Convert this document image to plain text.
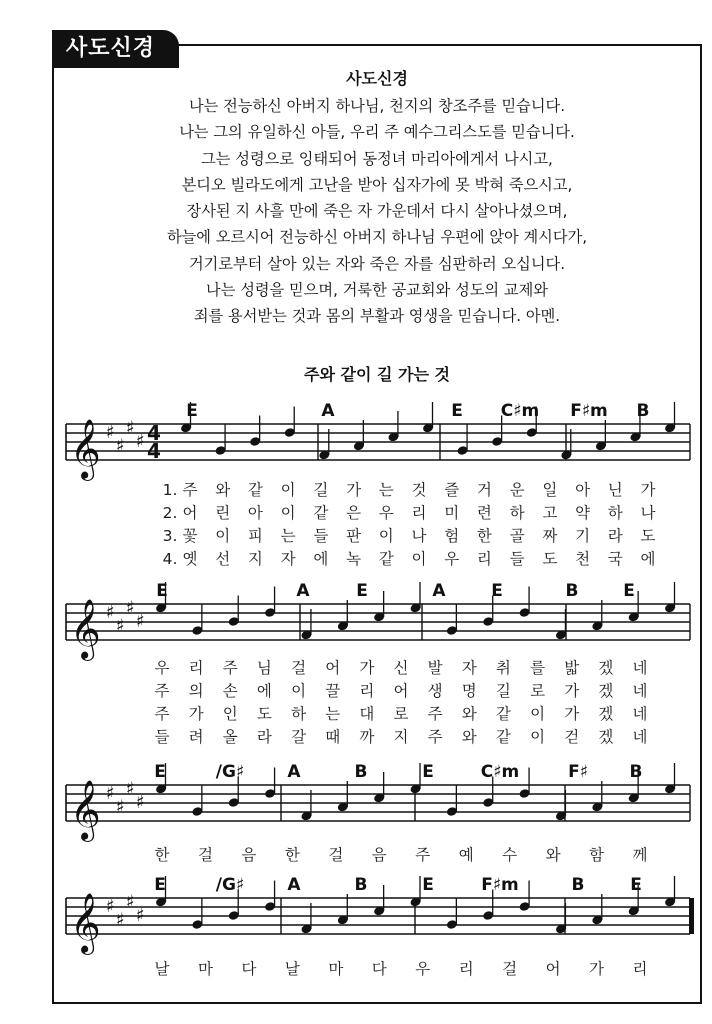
사도신경
사도신경
나는 전능하신 아버지 하나님, 천지의 창조주를 믿습니다.
나는 그의 유일하신 아들, 우리 주 예수그리스도를 믿습니다.
그는 성령으로 잉태되어 동정녀 마리아에게서 나시고,
본디오 빌라도에게 고난을 받아 십자가에 못 박혀 죽으시고,
장사된 지 사흘 만에 죽은 자 가운데서 다시 살아나셨으며,
하늘에 오르시어 전능하신 아버지 하나님 우편에 앉아 계시다가,
거기로부터 살아 있는 자와 죽은 자를 심판하러 오십니다.
나는 성령을 믿으며, 거룩한 공교회와 성도의 교제와
죄를 용서받는 것과 몸의 부활과 영생을 믿습니다. 아멘.
주와 같이 길 가는 것
𝄞 ♯
♯
♯
♯ 4
4
E	A	E C♯m F♯m B
1. 주 와 같 이 길 가 는 것 즐 거 운 일 아 닌 가
2. 어 린 아 이 같 은 우 리 미 련 하 고 약 하 나
3. 꽃 이 피 는 들 판 이 나 험 한 골 짜 기 라 도
4. 옛 선 지 자 에 녹 같 이 우 리 들 도 천 국 에
𝄞 ♯
♯
♯
♯
E	A	E	A	E	B	E
우 리 주 님 걸 어 가 신 발 자 취 를 밟 겠 네
주 의 손 에 이 끌 리 어 생 명 길 로 가 겠 네
주 가 인 도 하 는 대 로 주 와 같 이 가 겠 네
들 려 올 라 갈 때 까 지 주 와 같 이 걷 겠 네
𝄞 ♯
♯
♯
♯
E	/G♯	A	B	E	C♯m	F♯ B
한 걸 음 한 걸 음 주 예 수 와 함 께
𝄞 ♯
♯
♯
♯
E	/G♯	A	B	E	F♯m	B	E
날 마 다 날 마 다 우 리 걸 어 가 리
